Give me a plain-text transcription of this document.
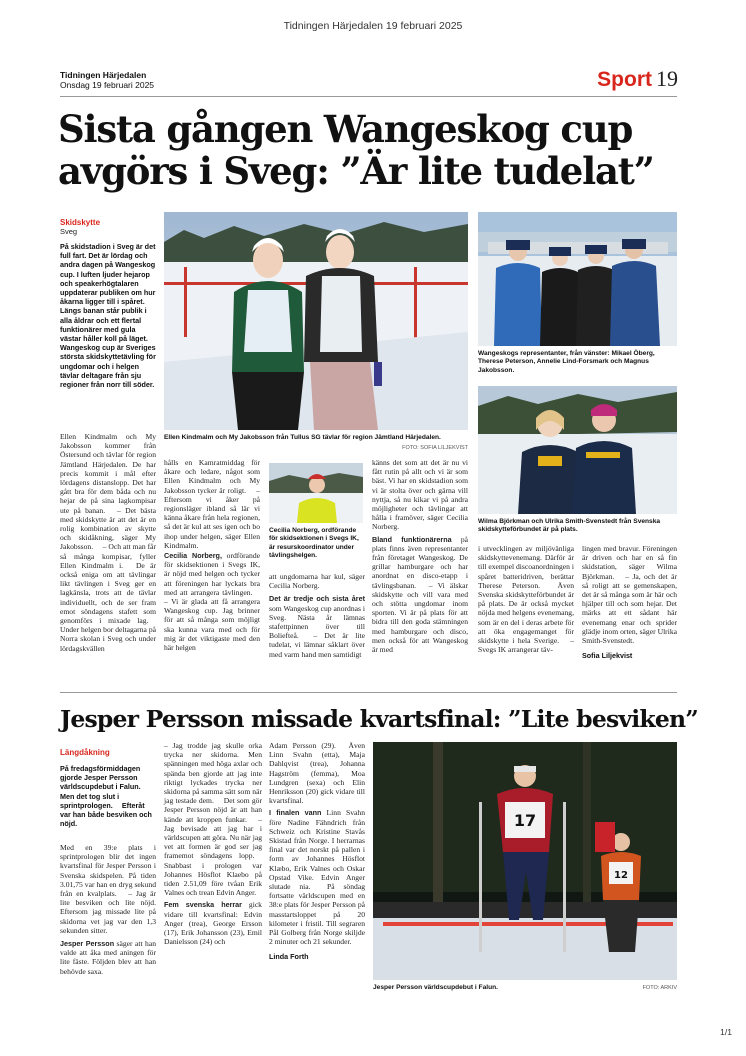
Tidningen Härjedalen 19 februari 2025
Tidningen Härjedalen
Onsdag 19 februari 2025	Sport 19
Sista gången Wangeskog cup avgörs i Sveg: ”Är lite tudelat”
Skidskytte
Sveg
På skidstadion i Sveg är det full fart. Det är lördag och andra dagen på Wangeskog cup. I luften ljuder hejarop och speakerhögtalaren uppdaterar publiken om hur åkarna ligger till i spåret.  Längs banan står publik i alla åldrar och ett flertal funktionärer med gula västar håller koll på läget.  Wangeskog cup är Sveriges största skidskyttetävling för ungdomar och i helgen tävlar deltagare från sju regioner från norr till söder.
Ellen Kindmalm och My Jakobsson kommer från Östersund och tävlar för region Jämtland Härjedalen. De har precis kommit i mål efter lördagens distanslopp. Det har gått bra för dem båda och nu hejar de på sina lagkompisar ute på banan.  – Det bästa med skidskytte är att det är en rolig kombination av skytte och skidåkning, säger My Jakobsson.  – Och att man får så många kompisar, fyller Ellen Kindmalm i.  De är också eniga om att tävlingar likt tävlingen i Sveg ger en lagkänsla, trots att de tävlar individuellt, och de ser fram emot söndagens stafett som genomförs i mixade lag.  Under helgen bor deltagarna på Norra skolan i Sveg och under lördagskvällen
Ellen Kindmalm och My Jakobsson från Tullus SG tävlar för region Jämtland Härjedalen.
FOTO: SOFIA LILJEKVIST
Wangeskogs representanter, från vänster: Mikael Öberg, Therese Peterson, Annelie Lind-Forsmark och Magnus Jakobsson.
Wilma Björkman och Ulrika Smith-Svenstedt från Svenska skidskytteförbundet är på plats.

hålls en Kamratmiddag för åkare och ledare, något som Ellen Kindmalm och My Jakobsson tycker är roligt.  – Eftersom vi åker på regionsläger ibland så lär vi känna åkare från hela regionen, så det är kul att ses igen och bo ihop under helgen, säger Ellen Kindmalm.

Cecilia Norberg, ordförande för skidsektionen i Svegs IK, är nöjd med helgen och tycker att föreningen har lyckats bra med att arrangera tävlingen.  – Vi är glada att få arrangera Wangeskog cup. Jag brinner för att så många som möjligt ska kunna vara med och för mig är det viktigaste med den här helgen

Cecilia Norberg, ordförande för skidsektionen i Svegs IK, är resurskoordinator under tävlingshelgen.

att ungdomarna har kul, säger Cecilia Norberg.

Det är tredje och sista året som Wangeskog cup anordnas i Sveg. Nästa år lämnas stafettpinnen över till Boliefteå.  – Det är lite tudelat, vi lämnar såklart över med varm hand men samtidigt

känns det som att det är nu vi fått rutin på allt och vi är som bäst. Vi har en skidstadion som vi är stolta över och gärna vill nyttja, så nu kikar vi på andra möjligheter och tävlingar att hålla i framöver, säger Cecilia Norberg.

Bland funktionärerna på plats finns även representanter från företaget Wangeskog. De grillar hamburgare och har anordnat en disco-etapp i tävlingsbanan.  – Vi älskar skidskytte och vill vara med och stötta ungdomar inom sporten. Vi är på plats för att bidra till den goda stämningen med hamburgare och disco, men också för att Wangeskog är med

i utvecklingen av miljövänliga skidskyttevenemang. Därför är till exempel discoanordningen i spåret batteridriven, berättar Therese Peterson.  Även Svenska skidskytteförbundet är på plats. De är också mycket nöjda med helgens evenemang, som är en del i deras arbete för att öka engagemanget för skidskytte i hela Sverige.  – Svegs IK arrangerar täv-

lingen med bravur. Föreningen är driven och har en så fin skidstation, säger Wilma Björkman.  – Ja, och det är så roligt att se gemenskapen, det är så många som är här och hjälper till och som hejar. Det märks att ett sådant här evenemang enar och sprider glädje inom orten, säger Ulrika Smith-Svenstedt.

Sofia Liljekvist

Jesper Persson missade kvartsfinal: ”Lite besviken”
Längdåkning
På fredagsförmiddagen gjorde Jesper Persson världscupdebut i Falun. Men det tog slut i sprintprologen.  Efteråt var han både besviken och nöjd.

Med en 39:e plats i sprintprologen blir det ingen kvartsfinal för Jesper Persson i Svenska skidspelen. På tiden 3.01,75 var han en dryg sekund från en kvalplats.  – Jag är lite besviken och lite nöjd. Eftersom jag missade lite på skidorna vet jag var den 1,3 sekunden sitter.

Jesper Persson säger att han valde att åka med aningen för lite fäste. Följden blev att han behövde saxa.

– Jag trodde jag skulle orka trycka ner skidorna. Men spänningen med höga axlar och spända ben gjorde att jag inte riktigt lyckades trycka ner skidorna på samma sätt som när jag testade dem.  Det som gör Jesper Persson nöjd är att han kände att kroppen funkar.  – Jag bevisade att jag har i världscupen att göra. Nu när jag vet att formen är god ser jag framemot söndagens lopp.  Snabbast i prologen var Johannes Hösflot Klaebo på tiden 2.51,09 före tvåan Erik Valnes och trean Edvin Anger.

Fem svenska herrar gick vidare till kvartsfinal: Edvin Anger (trea), George Ersson (17), Erik Johansson (23), Emil Danielsson (24) och

Adam Persson (29).  Även Linn Svahn (etta), Maja Dahlqvist (trea), Johanna Hagström (femma), Moa Lundgren (sexa) och Elin Henriksson (20) gick vidare till kvartsfinal.

I finalen vann Linn Svahn före Nadine Fähndrich från Schweiz och Kristine Stavås Skistad från Norge. I herrarnas final var det norskt på pallen i form av Johannes Hösflot Klæbo, Erik Valnes och Oskar Opstad Vike. Edvin Anger slutade nia.  På söndag fortsatte världscupen med en 38:e plats för Jesper Persson på masstartsloppet på 20 kilometer i fristil. Till segraren Pål Golberg från Norge skiljde 2 minuter och 21 sekunder.

Linda Forth

17
12
Jesper Persson världscupdebut i Falun.	FOTO: ARKIV
1/1
